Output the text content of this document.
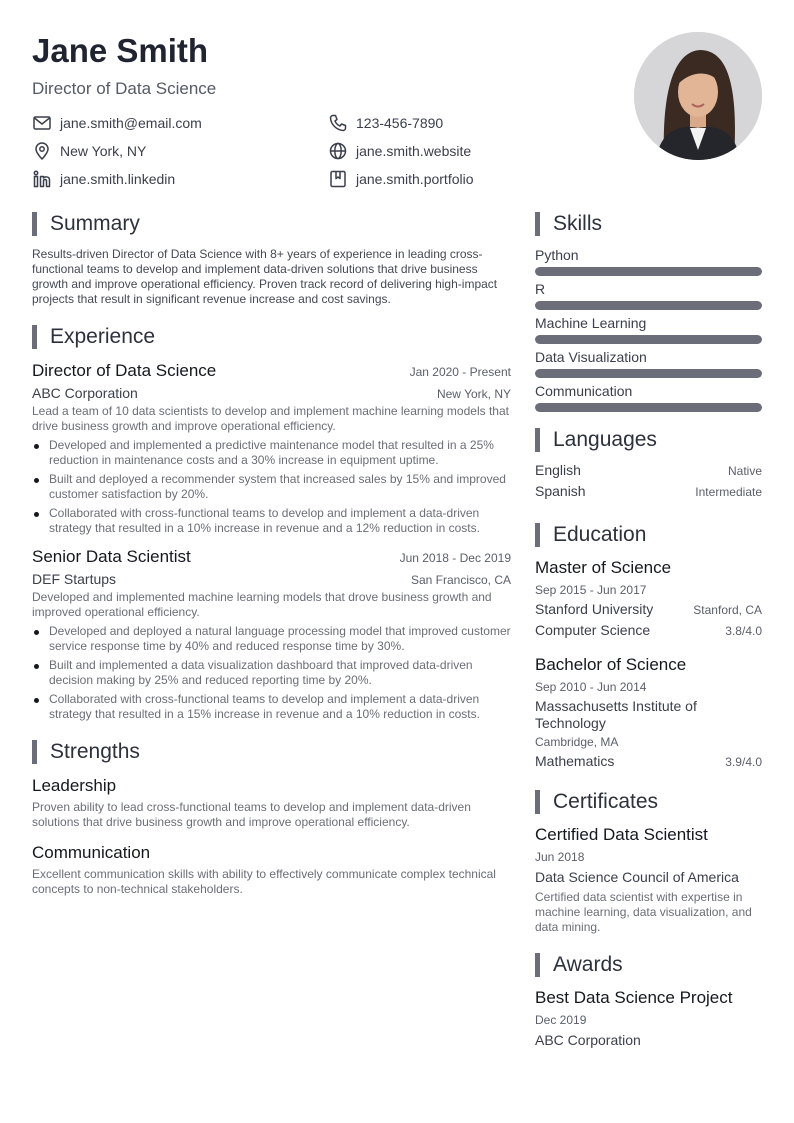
Jane Smith
Director of Data Science
jane.smith@email.com	123-456-7890
New York, NY	jane.smith.website
jane.smith.linkedin	jane.smith.portfolio
Summary

Results-driven Director of Data Science with 8+ years of experience in leading cross-functional teams to develop and implement data-driven solutions that drive business growth and improve operational efficiency. Proven track record of delivering high-impact projects that result in significant revenue increase and cost savings.

Experience
Director of Data Science	Jan 2020 - Present
ABC Corporation	New York, NY

Lead a team of 10 data scientists to develop and implement machine learning models that drive business growth and improve operational efficiency.

Developed and implemented a predictive maintenance model that resulted in a 25% reduction in maintenance costs and a 30% increase in equipment uptime.
Built and deployed a recommender system that increased sales by 15% and improved customer satisfaction by 20%.
Collaborated with cross-functional teams to develop and implement a data-driven strategy that resulted in a 10% increase in revenue and a 12% reduction in costs.
Senior Data Scientist	Jun 2018 - Dec 2019
DEF Startups	San Francisco, CA

Developed and implemented machine learning models that drove business growth and improved operational efficiency.

Developed and deployed a natural language processing model that improved customer service response time by 40% and reduced response time by 30%.
Built and implemented a data visualization dashboard that improved data-driven decision making by 25% and reduced reporting time by 20%.
Collaborated with cross-functional teams to develop and implement a data-driven strategy that resulted in a 15% increase in revenue and a 10% reduction in costs.
Strengths
Leadership

Proven ability to lead cross-functional teams to develop and implement data-driven solutions that drive business growth and improve operational efficiency.

Communication

Excellent communication skills with ability to effectively communicate complex technical concepts to non-technical stakeholders.

Skills
Python
R
Machine Learning
Data Visualization
Communication
Languages
English	Native
Spanish	Intermediate
Education
Master of Science
Sep 2015 - Jun 2017
Stanford University	Stanford, CA
Computer Science	3.8/4.0
Bachelor of Science
Sep 2010 - Jun 2014
Massachusetts Institute of Technology
Cambridge, MA
Mathematics	3.9/4.0
Certificates
Certified Data Scientist
Jun 2018
Data Science Council of America

Certified data scientist with expertise in machine learning, data visualization, and data mining.

Awards
Best Data Science Project
Dec 2019
ABC Corporation
